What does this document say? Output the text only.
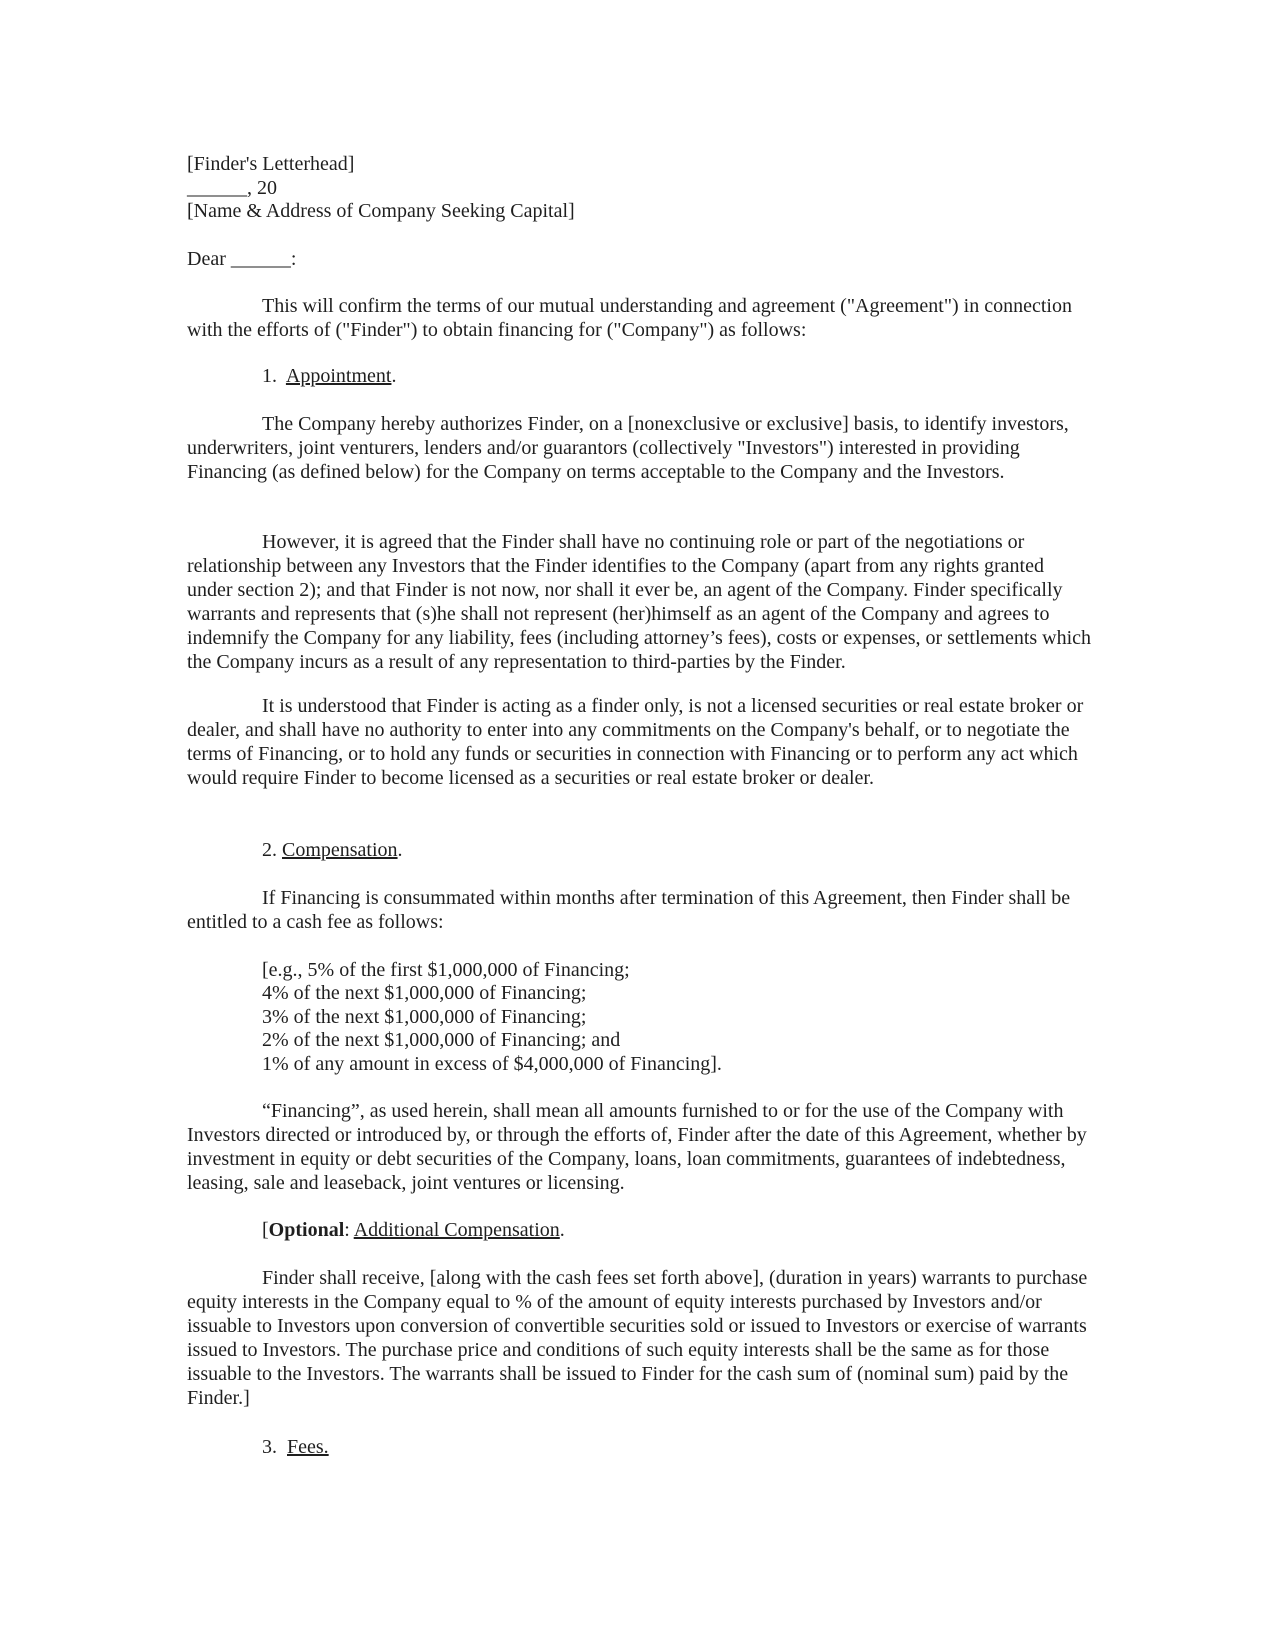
[Finder's Letterhead]
______, 20
[Name & Address of Company Seeking Capital]
Dear ______:
This will confirm the terms of our mutual understanding and agreement ("Agreement") in connection with the efforts of ("Finder") to obtain financing for ("Company") as follows:
1. Appointment.
The Company hereby authorizes Finder, on a [nonexclusive or exclusive] basis, to identify investors, underwriters, joint venturers, lenders and/or guarantors (collectively "Investors") interested in providing Financing (as defined below) for the Company on terms acceptable to the Company and the Investors.
However, it is agreed that the Finder shall have no continuing role or part of the negotiations or relationship between any Investors that the Finder identifies to the Company (apart from any rights granted under section 2); and that Finder is not now, nor shall it ever be, an agent of the Company. Finder specifically warrants and represents that (s)he shall not represent (her)himself as an agent of the Company and agrees to indemnify the Company for any liability, fees (including attorney’s fees), costs or expenses, or settlements which the Company incurs as a result of any representation to third-parties by the Finder.
It is understood that Finder is acting as a finder only, is not a licensed securities or real estate broker or dealer, and shall have no authority to enter into any commitments on the Company's behalf, or to negotiate the terms of Financing, or to hold any funds or securities in connection with Financing or to perform any act which would require Finder to become licensed as a securities or real estate broker or dealer.
2. Compensation.
If Financing is consummated within months after termination of this Agreement, then Finder shall be entitled to a cash fee as follows:
[e.g., 5% of the first $1,000,000 of Financing;
4% of the next $1,000,000 of Financing;
3% of the next $1,000,000 of Financing;
2% of the next $1,000,000 of Financing; and
1% of any amount in excess of $4,000,000 of Financing].
“Financing”, as used herein, shall mean all amounts furnished to or for the use of the Company with Investors directed or introduced by, or through the efforts of, Finder after the date of this Agreement, whether by investment in equity or debt securities of the Company, loans, loan commitments, guarantees of indebtedness, leasing, sale and leaseback, joint ventures or licensing.
[Optional: Additional Compensation.
Finder shall receive, [along with the cash fees set forth above], (duration in years) warrants to purchase equity interests in the Company equal to % of the amount of equity interests purchased by Investors and/or issuable to Investors upon conversion of convertible securities sold or issued to Investors or exercise of warrants issued to Investors. The purchase price and conditions of such equity interests shall be the same as for those issuable to the Investors. The warrants shall be issued to Finder for the cash sum of (nominal sum) paid by the Finder.]
3. Fees.
